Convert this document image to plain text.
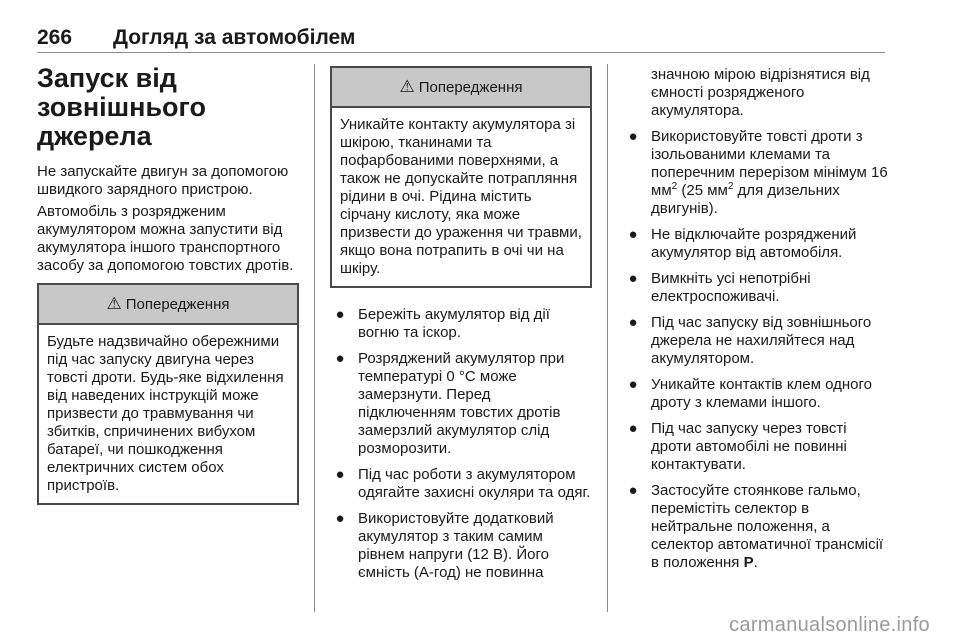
266	Догляд за автомобілем
Запуск від
зовнішнього джерела

Не запускайте двигун за допомогою швидкого зарядного пристрою.

Автомобіль з розрядженим акумулятором можна запустити від акумулятора іншого транспортного засобу за допомогою товстих дротів.

⚠ Попередження
Будьте надзвичайно обережними під час запуску двигуна через товсті дроти. Будь-яке відхилення від наведених інструкцій може призвести до травмування чи збитків, спричинених вибухом батареї, чи пошкодження електричних систем обох пристроїв.
⚠ Попередження
Уникайте контакту акумулятора зі шкірою, тканинами та пофарбованими поверхнями, а також не допускайте потрапляння рідини в очі. Рідина містить сірчану кислоту, яка може призвести до ураження чи травми, якщо вона потрапить в очі чи на шкіру.
● Бережіть акумулятор від дії вогню та іскор.
● Розряджений акумулятор при температурі 0 °C може замерзнути. Перед підключенням товстих дротів замерзлий акумулятор слід розморозити.
● Під час роботи з акумулятором одягайте захисні окуляри та одяг.
● Використовуйте додатковий акумулятор з таким самим рівнем напруги (12 В). Його ємність (А-год) не повинна
значною мірою відрізнятися від ємності розрядженого акумулятора.
● Використовуйте товсті дроти з ізольованими клемами та поперечним перерізом мінімум 16 $мм^2$ (25 $мм^2$ для дизельних двигунів).
● Не відключайте розряджений акумулятор від автомобіля.
● Вимкніть усі непотрібні електроспоживачі.
● Під час запуску від зовнішнього джерела не нахиляйтеся над акумулятором.
● Уникайте контактів клем одного дроту з клемами іншого.
● Під час запуску через товсті дроти автомобілі не повинні контактувати.
● Застосуйте стоянкове гальмо, перемістіть селектор в нейтральне положення, а селектор автоматичної трансмісії в положення P.
carmanualsonline.info
